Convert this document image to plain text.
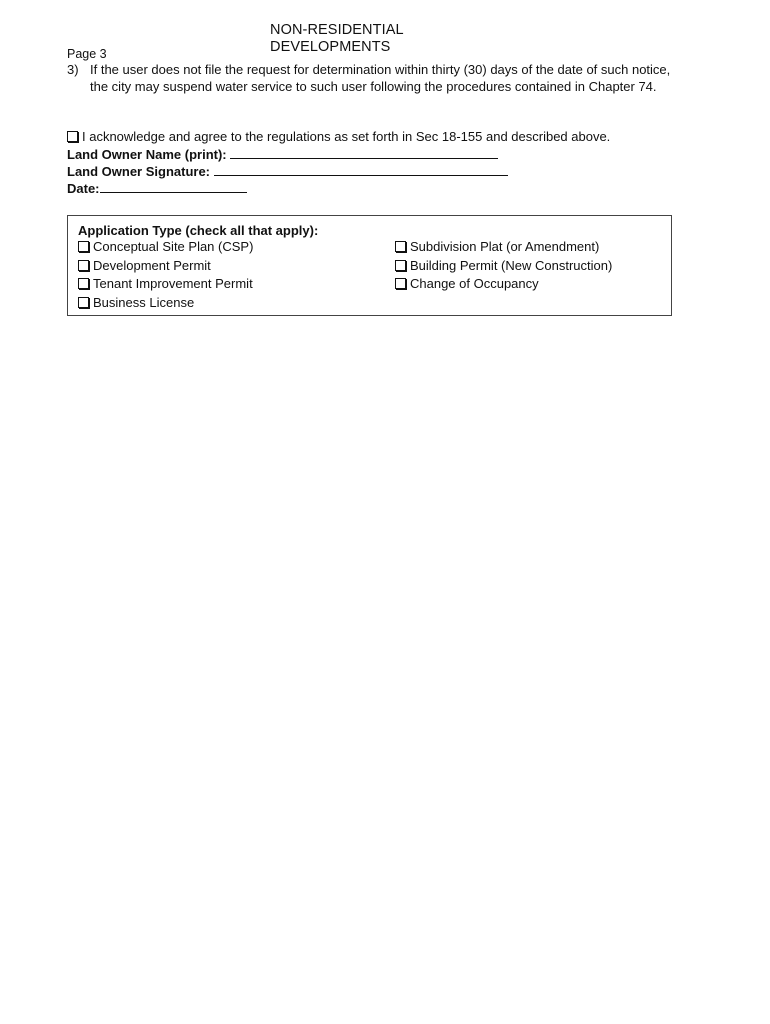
NON-RESIDENTIAL
DEVELOPMENTS
Page 3
3) If the user does not file the request for determination within thirty (30) days of the date of such notice, the city may suspend water service to such user following the procedures contained in Chapter 74.
I acknowledge and agree to the regulations as set forth in Sec 18-155 and described above.
Land Owner Name (print):
Land Owner Signature:
Date:
Application Type (check all that apply):
Conceptual Site Plan (CSP)
Development Permit
Tenant Improvement Permit
Business License
Subdivision Plat (or Amendment)
Building Permit (New Construction)
Change of Occupancy
